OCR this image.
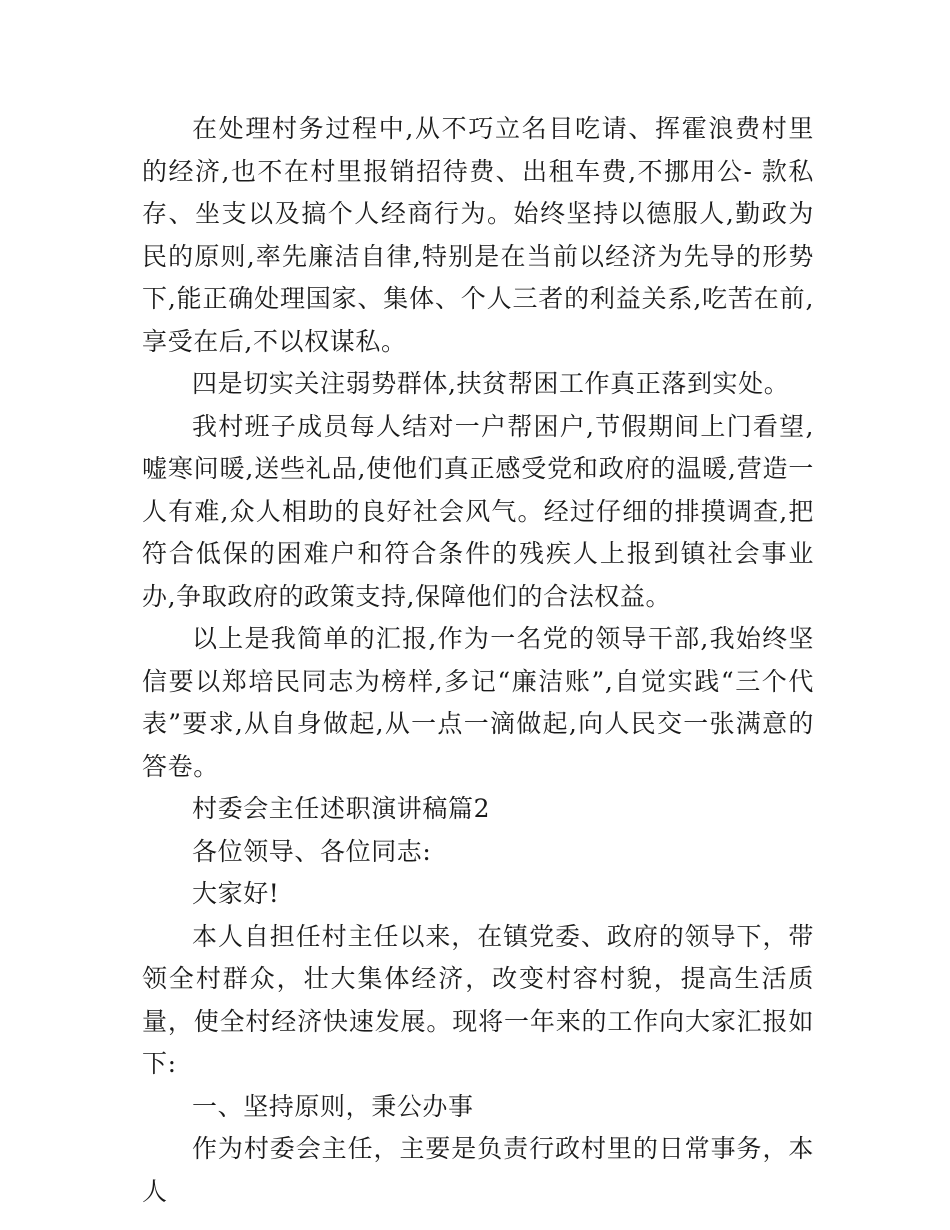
在处理村务过程中,从不巧立名目吃请、挥霍浪费村里的经济,也不在村里报销招待费、出租车费,不挪用公- 款私存、坐支以及搞个人经商行为。始终坚持以德服人,勤政为民的原则,率先廉洁自律,特别是在当前以经济为先导的形势下,能正确处理国家、集体、个人三者的利益关系,吃苦在前,享受在后,不以权谋私。

四是切实关注弱势群体,扶贫帮困工作真正落到实处。

我村班子成员每人结对一户帮困户,节假期间上门看望,嘘寒问暖,送些礼品,使他们真正感受党和政府的温暖,营造一人有难,众人相助的良好社会风气。经过仔细的排摸调查,把符合低保的困难户和符合条件的残疾人上报到镇社会事业办,争取政府的政策支持,保障他们的合法权益。

以上是我简单的汇报,作为一名党的领导干部,我始终坚信要以郑培民同志为榜样,多记“廉洁账”,自觉实践“三个代表”要求,从自身做起,从一点一滴做起,向人民交一张满意的答卷。

村委会主任述职演讲稿篇2

各位领导、各位同志:

大家好!

本人自担任村主任以来，在镇党委、政府的领导下，带领全村群众，壮大集体经济，改变村容村貌，提高生活质量，使全村经济快速发展。现将一年来的工作向大家汇报如下:

一、坚持原则，秉公办事

作为村委会主任，主要是负责行政村里的日常事务，本人
